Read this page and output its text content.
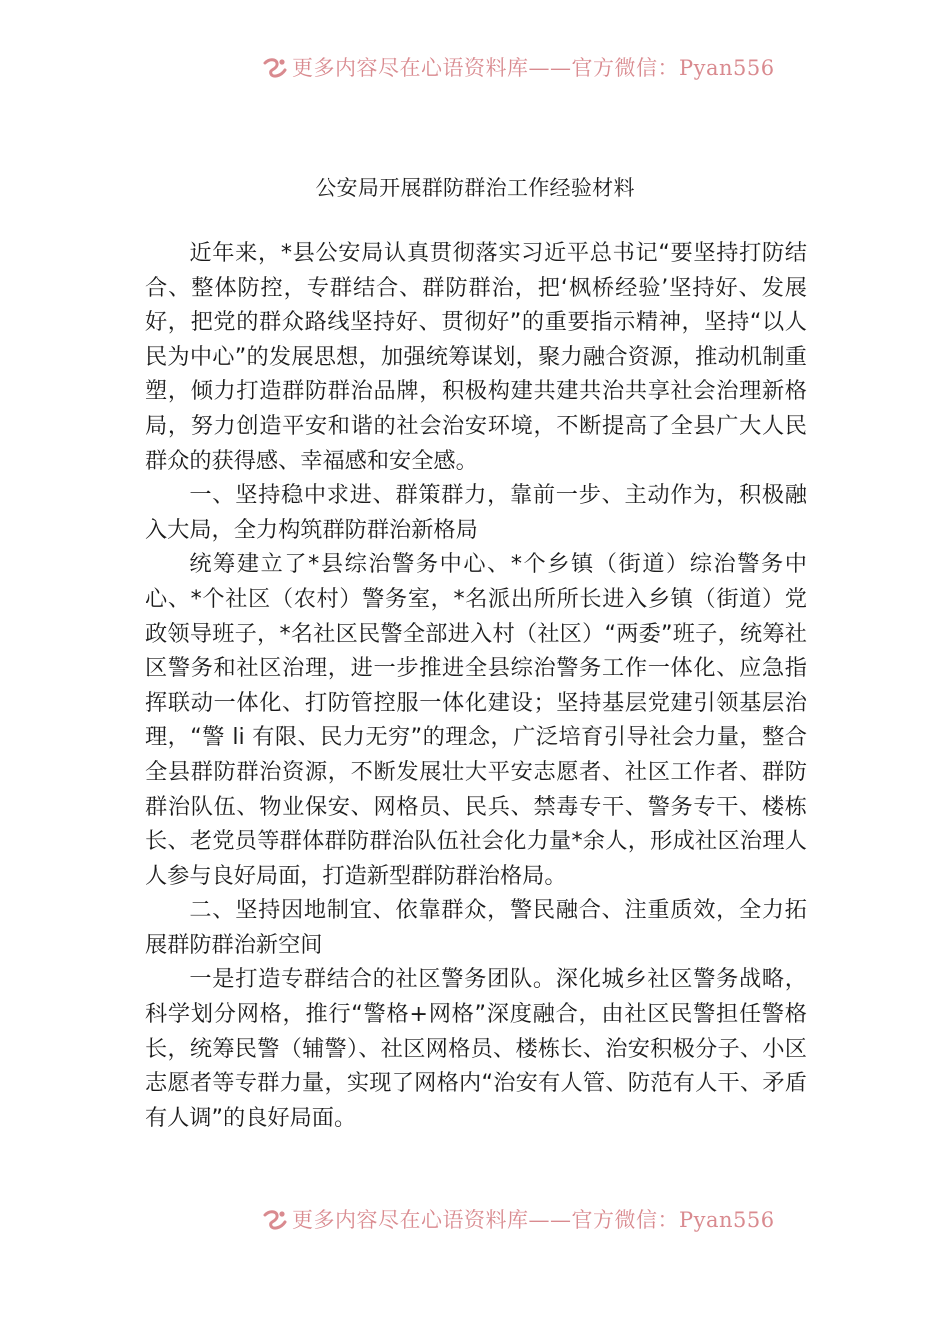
更多内容尽在心语资料库——官方微信：Pyan556
公安局开展群防群治工作经验材料

近年来，*县公安局认真贯彻落实习近平总书记“要坚持打防结合、整体防控，专群结合、群防群治，把‘枫桥经验’坚持好、发展好，把党的群众路线坚持好、贯彻好”的重要指示精神，坚持“以人民为中心”的发展思想，加强统筹谋划，聚力融合资源，推动机制重塑，倾力打造群防群治品牌，积极构建共建共治共享社会治理新格局，努力创造平安和谐的社会治安环境，不断提高了全县广大人民群众的获得感、幸福感和安全感。

一、坚持稳中求进、群策群力，靠前一步、主动作为，积极融入大局，全力构筑群防群治新格局

统筹建立了*县综治警务中心、*个乡镇（街道）综治警务中心、*个社区（农村）警务室，*名派出所所长进入乡镇（街道）党政领导班子，*名社区民警全部进入村（社区）“两委”班子，统筹社区警务和社区治理，进一步推进全县综治警务工作一体化、应急指挥联动一体化、打防管控服一体化建设；坚持基层党建引领基层治理，“警 li 有限、民力无穷”的理念，广泛培育引导社会力量，整合全县群防群治资源，不断发展壮大平安志愿者、社区工作者、群防群治队伍、物业保安、网格员、民兵、禁毒专干、警务专干、楼栋长、老党员等群体群防群治队伍社会化力量*余人，形成社区治理人人参与良好局面，打造新型群防群治格局。

二、坚持因地制宜、依靠群众，警民融合、注重质效，全力拓展群防群治新空间

一是打造专群结合的社区警务团队。深化城乡社区警务战略，科学划分网格，推行“警格+网格”深度融合，由社区民警担任警格长，统筹民警（辅警）、社区网格员、楼栋长、治安积极分子、小区志愿者等专群力量，实现了网格内“治安有人管、防范有人干、矛盾有人调”的良好局面。

更多内容尽在心语资料库——官方微信：Pyan556
